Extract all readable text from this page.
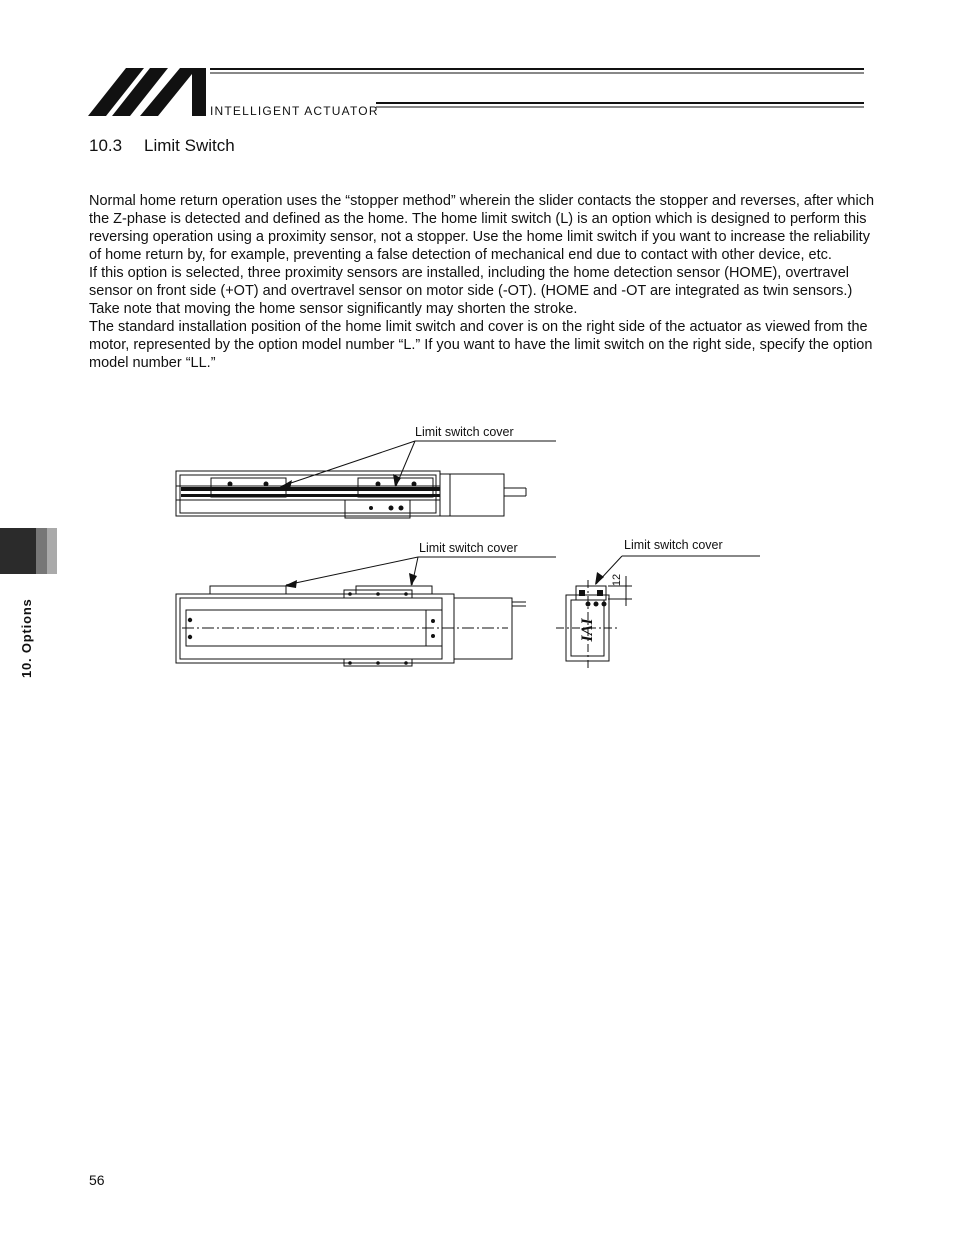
INTELLIGENT ACTUATOR
10.3 Limit Switch

Normal home return operation uses the “stopper method” wherein the slider contacts the stopper and reverses, after which the Z-phase is detected and defined as the home. The home limit switch (L) is an option which is designed to perform this reversing operation using a proximity sensor, not a stopper. Use the home limit switch if you want to increase the reliability of home return by, for example, preventing a false detection of mechanical end due to contact with other device, etc.

If this option is selected, three proximity sensors are installed, including the home detection sensor (HOME), overtravel sensor on front side (+OT) and overtravel sensor on motor side (-OT). (HOME and -OT are integrated as twin sensors.) Take note that moving the home sensor significantly may shorten the stroke.

The standard installation position of the home limit switch and cover is on the right side of the actuator as viewed from the motor, represented by the option model number “L.” If you want to have the limit switch on the right side, specify the option model number “LL.”

10. Options	IAI
12
Limit switch cover
Limit switch cover	Limit switch cover
56
